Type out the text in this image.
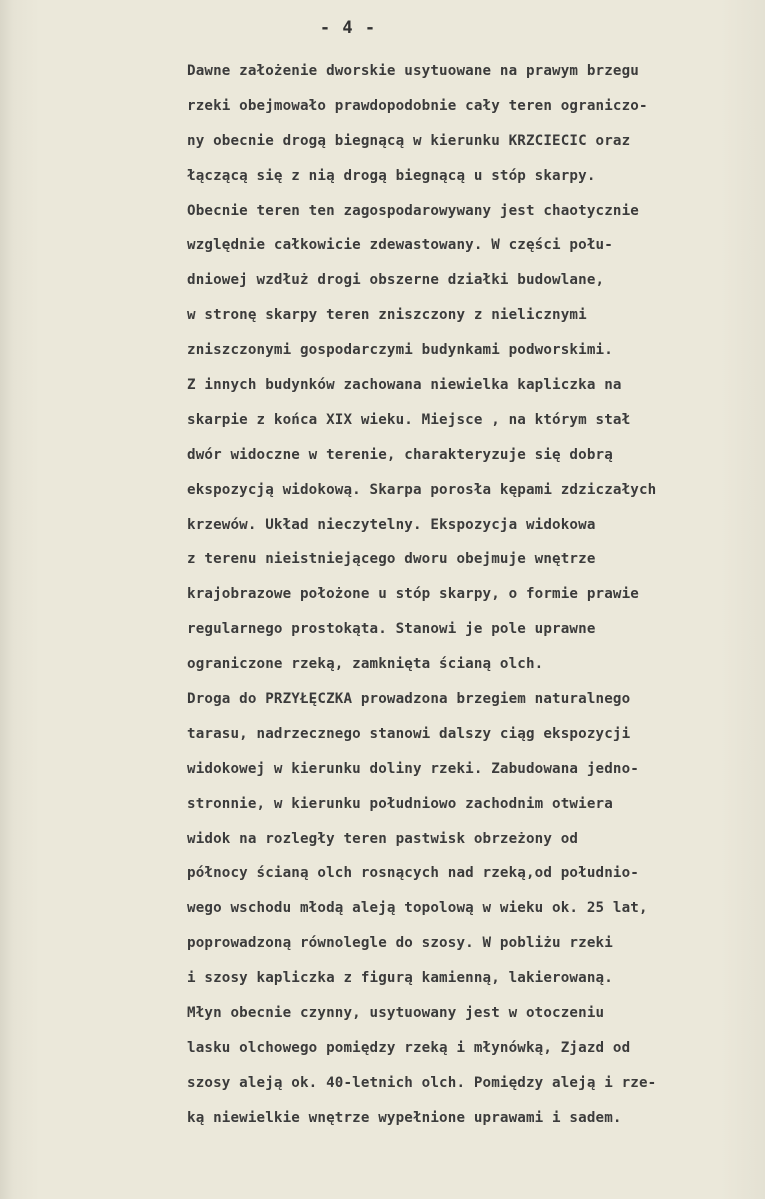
- 4 -
Dawne założenie dworskie usytuowane na prawym brzegu
rzeki obejmowało prawdopodobnie cały teren ograniczo-
ny obecnie drogą biegnącą w kierunku KRZCIECIC oraz
łączącą się z nią drogą biegnącą u stóp skarpy.
Obecnie teren ten zagospodarowywany jest chaotycznie
względnie całkowicie zdewastowany. W części połu-
dniowej wzdłuż drogi obszerne działki budowlane,
w stronę skarpy teren zniszczony z nielicznymi
zniszczonymi gospodarczymi budynkami podworskimi.
Z innych budynków zachowana niewielka kapliczka na
skarpie z końca XIX wieku. Miejsce , na którym stał
dwór widoczne w terenie, charakteryzuje się dobrą
ekspozycją widokową. Skarpa porosła kępami zdziczałych
krzewów. Układ nieczytelny. Ekspozycja widokowa
z terenu nieistniejącego dworu obejmuje wnętrze
krajobrazowe położone u stóp skarpy, o formie prawie
regularnego prostokąta. Stanowi je pole uprawne
ograniczone rzeką, zamknięta ścianą olch.
Droga do PRZYŁĘCZKA prowadzona brzegiem naturalnego
tarasu, nadrzecznego stanowi dalszy ciąg ekspozycji
widokowej w kierunku doliny rzeki. Zabudowana jedno-
stronnie, w kierunku południowo zachodnim otwiera
widok na rozległy teren pastwisk obrzeżony od
północy ścianą olch rosnących nad rzeką,od południo-
wego wschodu młodą aleją topolową w wieku ok. 25 lat,
poprowadzoną równolegle do szosy. W pobliżu rzeki
i szosy kapliczka z figurą kamienną, lakierowaną.
Młyn obecnie czynny, usytuowany jest w otoczeniu
lasku olchowego pomiędzy rzeką i młynówką, Zjazd od
szosy aleją ok. 40-letnich olch. Pomiędzy aleją i rze-
ką niewielkie wnętrze wypełnione uprawami i sadem.
